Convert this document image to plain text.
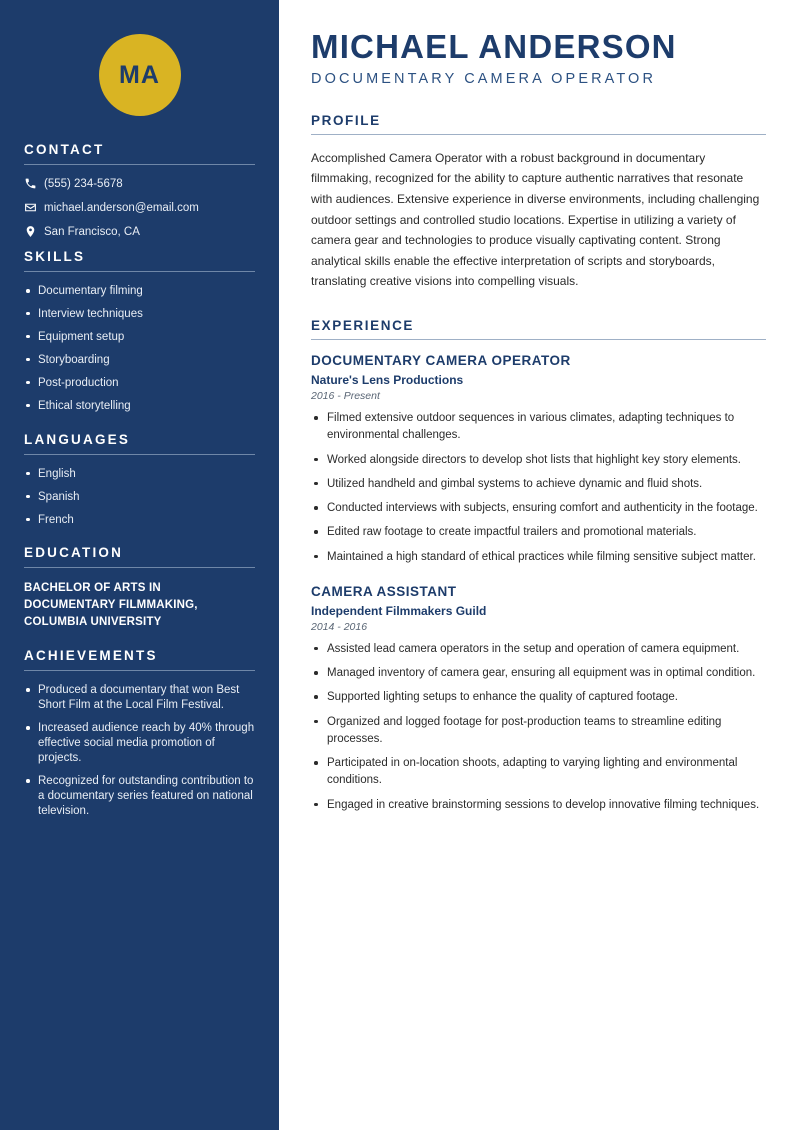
MA
CONTACT
(555) 234-5678
michael.anderson@email.com
San Francisco, CA
SKILLS
Documentary filming
Interview techniques
Equipment setup
Storyboarding
Post-production
Ethical storytelling
LANGUAGES
English
Spanish
French
EDUCATION
BACHELOR OF ARTS IN DOCUMENTARY FILMMAKING, COLUMBIA UNIVERSITY
ACHIEVEMENTS
Produced a documentary that won Best Short Film at the Local Film Festival.
Increased audience reach by 40% through effective social media promotion of projects.
Recognized for outstanding contribution to a documentary series featured on national television.
MICHAEL ANDERSON
DOCUMENTARY CAMERA OPERATOR
PROFILE

Accomplished Camera Operator with a robust background in documentary filmmaking, recognized for the ability to capture authentic narratives that resonate with audiences. Extensive experience in diverse environments, including challenging outdoor settings and controlled studio locations. Expertise in utilizing a variety of camera gear and technologies to produce visually captivating content. Strong analytical skills enable the effective interpretation of scripts and storyboards, translating creative visions into compelling visuals.

EXPERIENCE
DOCUMENTARY CAMERA OPERATOR
Nature's Lens Productions
2016 - Present
Filmed extensive outdoor sequences in various climates, adapting techniques to environmental challenges.
Worked alongside directors to develop shot lists that highlight key story elements.
Utilized handheld and gimbal systems to achieve dynamic and fluid shots.
Conducted interviews with subjects, ensuring comfort and authenticity in the footage.
Edited raw footage to create impactful trailers and promotional materials.
Maintained a high standard of ethical practices while filming sensitive subject matter.
CAMERA ASSISTANT
Independent Filmmakers Guild
2014 - 2016
Assisted lead camera operators in the setup and operation of camera equipment.
Managed inventory of camera gear, ensuring all equipment was in optimal condition.
Supported lighting setups to enhance the quality of captured footage.
Organized and logged footage for post-production teams to streamline editing processes.
Participated in on-location shoots, adapting to varying lighting and environmental conditions.
Engaged in creative brainstorming sessions to develop innovative filming techniques.
